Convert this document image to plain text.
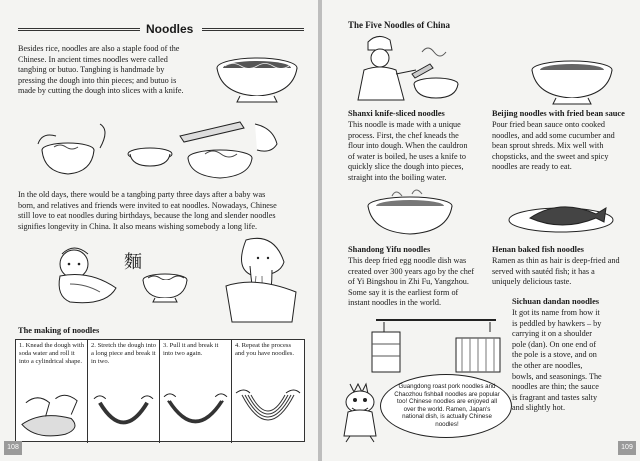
Noodles
Besides rice, noodles are also a staple food of the
Chinese. In ancient times noodles were called
tangbing or butuo. Tangbing is handmade by
pressing the dough into thin pieces; and butuo is
made by cutting the dough into slices with a knife.
In the old days, there would be a tangbing party three days after a baby was
born, and relatives and friends were invited to eat noodles. Nowadays, Chinese
still love to eat noodles during birthdays, because the long and slender noodles
signifies longevity in China. It also means wishing somebody a long life.
麵
The making of noodles
1. Knead the dough with soda water and roll it into a cylindrical shape.
2. Stretch the dough into a long piece and break it in two.
3. Pull it and break it into two again.
4. Repeat the process and you have noodles.
108
The Five Noodles of China
Shanxi knife-sliced noodles
This noodle is made with a unique
process. First, the chef kneads the
flour into dough. When the cauldron
of water is boiled, he uses a knife to
quickly slice the dough into pieces,
straight into the boiling water.
Beijing noodles with fried bean sauce
Pour fried bean sauce onto cooked
noodles, and add some cucumber and
bean sprout shreds. Mix well with
chopsticks, and the sweet and spicy
noodles are ready to eat.
Shandong Yifu noodles
This deep fried egg noodle dish was
created over 300 years ago by the chef
of Yi Bingshou in Zhi Fu, Yangzhou.
Some say it is the earliest form of
instant noodles in the world.
Henan baked fish noodles
Ramen as thin as hair is deep-fried and
served with sautéd fish; it has a
uniquely delicious taste.
Sichuan dandan noodles
It got its name from how it
is peddled by hawkers – by
carrying it on a shoulder
pole (dan). On one end of
the pole is a stove, and on
the other are noodles,
bowls, and seasonings. The
noodles are thin; the sauce
is fragrant and tastes salty
and slightly hot.
Guangdong roast pork noodles and Chaozhou fishball noodles are popular too! Chinese noodles are enjoyed all over the world. Ramen, Japan's national dish, is actually Chinese noodles!
109
